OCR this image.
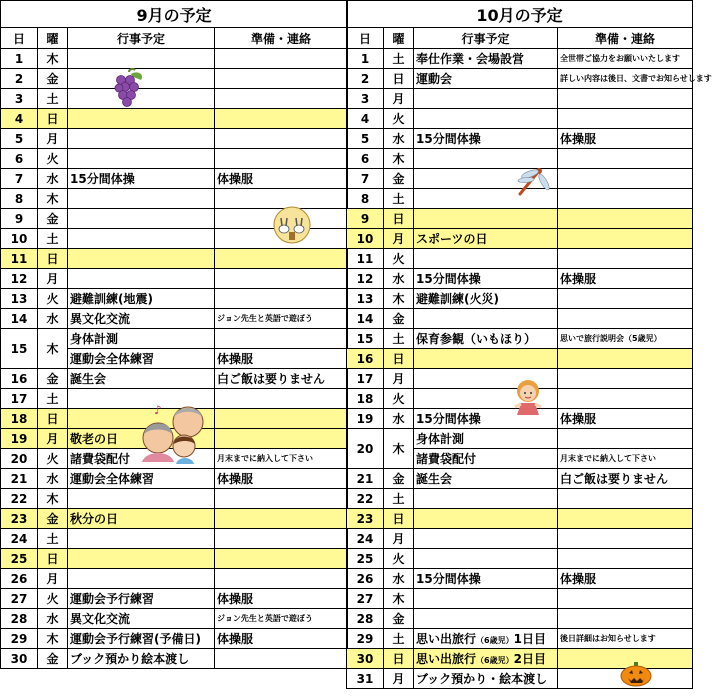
9月の予定			
日	曜	行事予定	準備・連絡
1	木		
2	金		
3	土		
4	日		
5	月		
6	火		
7	水	15分間体操	体操服
8	木		
9	金		
10	土		
11	日		
12	月		
13	火	避難訓練(地震)	
14	水	異文化交流	ジョン先生と英語で遊ぼう
15	木	身体計測	
		運動会全体練習	体操服
16	金	誕生会	白ご飯は要りません
17	土		
18	日		
19	月	敬老の日	
20	火	諸費袋配付	月末までに納入して下さい
21	水	運動会全体練習	体操服
22	木		
23	金	秋分の日	
24	土		
25	日		
26	月		
27	火	運動会予行練習	体操服
28	水	異文化交流	ジョン先生と英語で遊ぼう
29	木	運動会予行練習(予備日)	体操服
30	金	ブック預かり絵本渡し	
10月の予定			
日	曜	行事予定	準備・連絡
1	土	奉仕作業・会場設営	全世帯ご協力をお願いいたします
2	日	運動会	詳しい内容は後日、文書でお知らせします
3	月		
4	火		
5	水	15分間体操	体操服
6	木		
7	金		
8	土		
9	日		
10	月	スポーツの日	
11	火		
12	水	15分間体操	体操服
13	木	避難訓練(火災)	
14	金		
15	土	保育参観（いもほり）	思いで旅行説明会（5歳児）
16	日		
17	月		
18	火		
19	水	15分間体操	体操服
20	木	身体計測	
		諸費袋配付	月末までに納入して下さい
21	金	誕生会	白ご飯は要りません
22	土		
23	日		
24	月		
25	火		
26	水	15分間体操	体操服
27	木		
28	金		
29	土	思い出旅行（6歳児）1日目	後日詳細はお知らせします
30	日	思い出旅行（6歳児）2日目	
31	月	ブック預かり・絵本渡し	
♪
